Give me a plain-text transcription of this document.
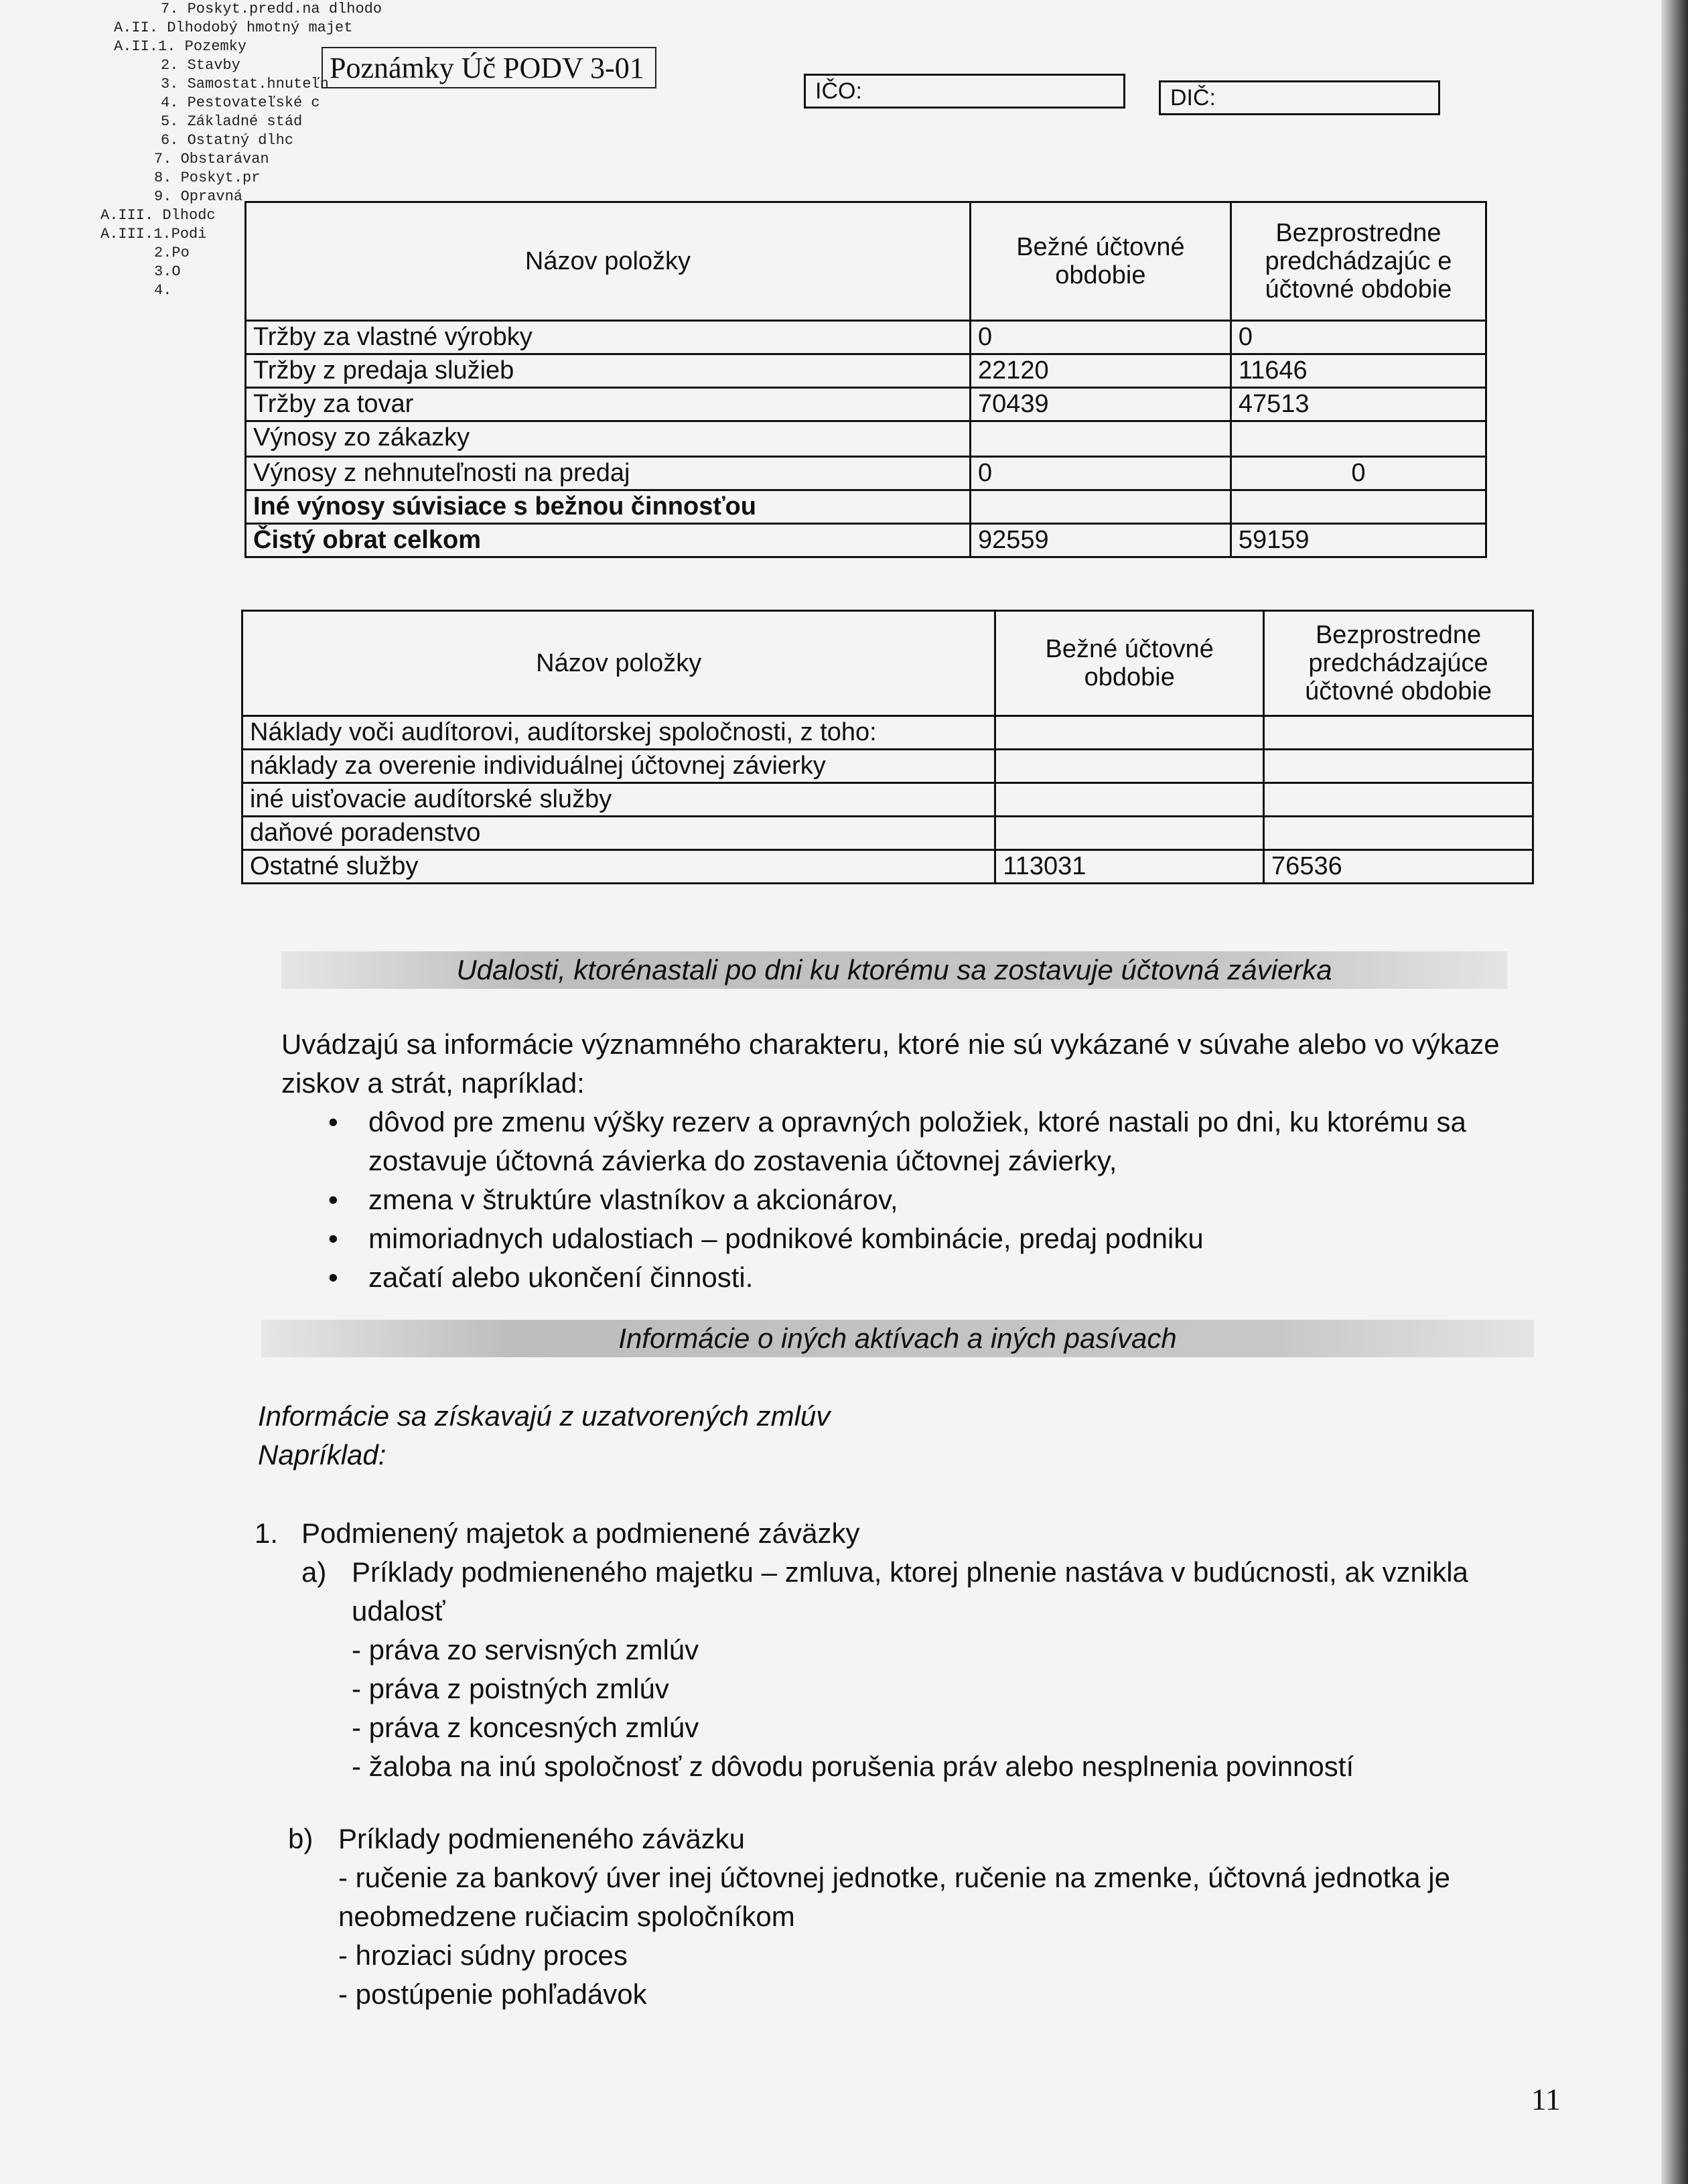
7. Poskyt.predd.na dlhodo
A.II. Dlhodobý hmotný majet
A.II.1. Pozemky
2. Stavby
3. Samostat.hnuteľn
4. Pestovateľské c
5. Základné stád
6. Ostatný dlhc
7. Obstarávan
8. Poskyt.pr
9. Opravná
A.III. Dlhodc
A.III.1.Podi
2.Po
3.O
4.
Poznámky Úč PODV 3-01
IČO:	DIČ:
Názov položky	Bežné účtovné obdobie	Bezprostredne predchádzajúc e účtovné obdobie
Tržby za vlastné výrobky	0	0
Tržby z predaja služieb	22120	11646
Tržby za tovar	70439	47513
Výnosy zo zákazky		
Výnosy z nehnuteľnosti na predaj	0	0
Iné výnosy súvisiace s bežnou činnosťou		
Čistý obrat celkom	92559	59159
Názov položky	Bežné účtovné obdobie	Bezprostredne predchádzajúce účtovné obdobie
Náklady voči audítorovi, audítorskej spoločnosti, z toho:		
náklady za overenie individuálnej účtovnej závierky		
iné uisťovacie audítorské služby		
daňové poradenstvo		
Ostatné služby	113031	76536
Udalosti, ktorénastali po dni ku ktorému sa zostavuje účtovná závierka
Uvádzajú sa informácie významného charakteru, ktoré nie sú vykázané v súvahe alebo vo výkaze ziskov a strát, napríklad:
• dôvod pre zmenu výšky rezerv a opravných položiek, ktoré nastali po dni, ku ktorému sa zostavuje účtovná závierka do zostavenia účtovnej závierky,
• zmena v štruktúre vlastníkov a akcionárov,
• mimoriadnych udalostiach – podnikové kombinácie, predaj podniku
• začatí alebo ukončení činnosti.
Informácie o iných aktívach a iných pasívach
Informácie sa získavajú z uzatvorených zmlúv
Napríklad:
1. Podmienený majetok a podmienené záväzky
a) Príklady podmieneného majetku – zmluva, ktorej plnenie nastáva v budúcnosti, ak vznikla udalosť
- práva zo servisných zmlúv
- práva z poistných zmlúv
- práva z koncesných zmlúv
- žaloba na inú spoločnosť z dôvodu porušenia práv alebo nesplnenia povinností
b) Príklady podmieneného záväzku
- ručenie za bankový úver inej účtovnej jednotke, ručenie na zmenke, účtovná jednotka je neobmedzene ručiacim spoločníkom
- hroziaci súdny proces
- postúpenie pohľadávok
11
